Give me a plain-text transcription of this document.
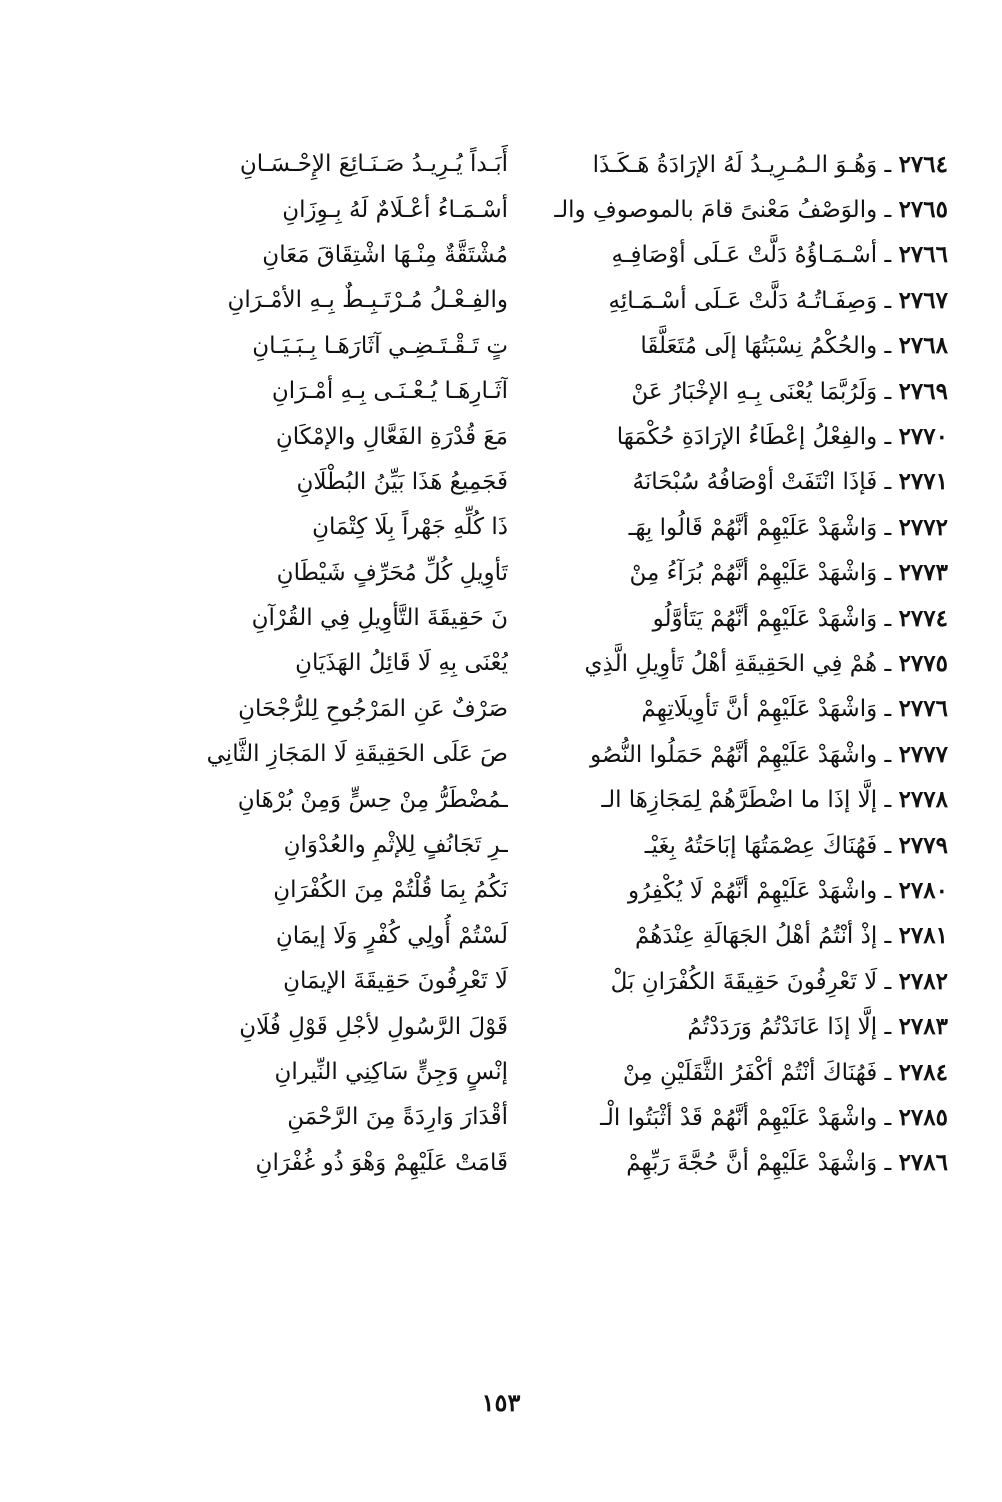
٢٧٦٤ ـ وَهُـوَ الـمُـرِيـدُ لَهُ الإرَادَةُ هَـكَـذَا
أَبَـداً يُـرِيـدُ صَـنَـائِعَ الإِحْـسَـانِ
٢٧٦٥ ـ والوَصْفُ مَعْنىً قامَ بالموصوفِ والـ
أسْـمَـاءُ أعْـلَامٌ لَهُ بِـوِزَانِ
٢٧٦٦ ـ أسْـمَـاؤُهُ دَلَّتْ عَـلَى أوْصَافِـهِ
مُشْتَقَّةٌ مِنْـهَا اشْتِقَاقَ مَعَانِ
٢٧٦٧ ـ وَصِفَـاتُـهُ دَلَّتْ عَـلَى أسْـمَـائِهِ
والفِـعْـلُ مُـرْتَـبِـطٌ بِـهِ الأمْـرَانِ
٢٧٦٨ ـ والحُكْمُ نِسْبَتُهَا إلَى مُتَعَلَّقَا
تٍ تَـقْـتَـضِـي آثَارَهَـا بِـبَـيَـانِ
٢٧٦٩ ـ وَلَرُبَّمَا يُعْنَى بِـهِ الإخْبَارُ عَنْ
آثَـارِهَـا يُـعْـنَـى بِـهِ أمْـرَانِ
٢٧٧٠ ـ والفِعْلُ إعْطَاءُ الإرَادَةِ حُكْمَهَا
مَعَ قُدْرَةِ الفَعَّالِ والإمْكَانِ
٢٧٧١ ـ فَإذَا انْتَفَتْ أوْصَافُهُ سُبْحَانَهُ
فَجَمِيعُ هَذَا بَيِّنُ البُطْلَانِ
٢٧٧٢ ـ وَاشْهَدْ عَلَيْهِمْ أنَّهُمْ قَالُوا بِهَـ
ذَا كُلِّهِ جَهْراً بِلَا كِتْمَانِ
٢٧٧٣ ـ وَاشْهَدْ عَلَيْهِمْ أنَّهُمْ بُرَآءُ مِنْ
تَأوِيلِ كُلِّ مُحَرِّفٍ شَيْطَانِ
٢٧٧٤ ـ وَاشْهَدْ عَلَيْهِمْ أنَّهُمْ يَتَأوَّلُو
نَ حَقِيقَةَ التَّأوِيلِ فِي القُرْآنِ
٢٧٧٥ ـ هُمْ فِي الحَقِيقَةِ أهْلُ تَأوِيلِ الَّذِي
يُعْنَى بِهِ لَا قَائِلُ الهَذَيَانِ
٢٧٧٦ ـ وَاشْهَدْ عَلَيْهِمْ أنَّ تَأوِيلَاتِهِمْ
صَرْفٌ عَنِ المَرْجُوحِ لِلرُّجْحَانِ
٢٧٧٧ ـ واشْهَدْ عَلَيْهِمْ أنَّهُمْ حَمَلُوا النُّصُو
صَ عَلَى الحَقِيقَةِ لَا المَجَازِ الثَّانِي
٢٧٧٨ ـ إلَّا إذَا ما اضْطَرَّهُمْ لِمَجَازِهَا الـ
ـمُضْطَرُّ مِنْ حِسٍّ وَمِنْ بُرْهَانِ
٢٧٧٩ ـ فَهُنَاكَ عِصْمَتُهَا إبَاحَتُهُ بِغَيْـ
ـرِ تَجَانُفٍ لِلإثْمِ والعُدْوَانِ
٢٧٨٠ ـ واشْهَدْ عَلَيْهِمْ أنَّهُمْ لَا يُكْفِرُو
نَكُمُ بِمَا قُلْتُمْ مِنَ الكُفْرَانِ
٢٧٨١ ـ إذْ أنْتُمُ أهْلُ الجَهَالَةِ عِنْدَهُمْ
لَسْتُمْ أُولِي كُفْرٍ وَلَا إيمَانِ
٢٧٨٢ ـ لَا تَعْرِفُونَ حَقِيقَةَ الكُفْرَانِ بَلْ
لَا تَعْرِفُونَ حَقِيقَةَ الإيمَانِ
٢٧٨٣ ـ إلَّا إذَا عَانَدْتُمُ وَرَدَدْتُمُ
قَوْلَ الرَّسُولِ لأجْلِ قَوْلِ فُلَانِ
٢٧٨٤ ـ فَهُنَاكَ أنْتُمْ أكْفَرُ الثَّقَلَيْنِ مِنْ
إنْسٍ وَجِنٍّ سَاكِنِي النِّيرانِ
٢٧٨٥ ـ واشْهَدْ عَلَيْهِمْ أنَّهُمْ قَدْ أثْبَتُوا الْـ
أقْدَارَ وَارِدَةً مِنَ الرَّحْمَنِ
٢٧٨٦ ـ وَاشْهَدْ عَلَيْهِمْ أنَّ حُجَّةَ رَبِّهِمْ
قَامَتْ عَلَيْهِمْ وَهْوَ ذُو غُفْرَانِ
١٥٣
